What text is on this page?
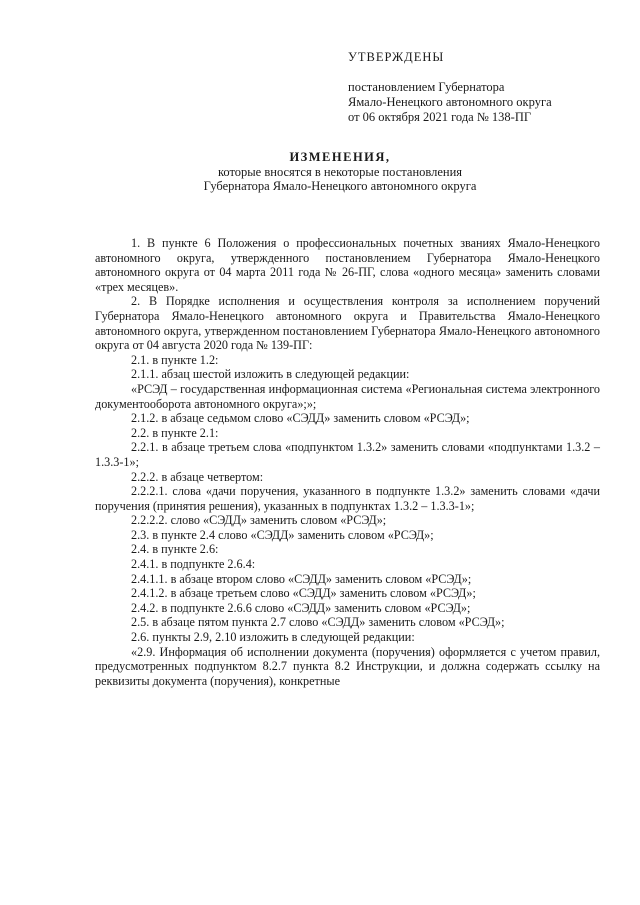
УТВЕРЖДЕНЫ
постановлением Губернатора
Ямало-Ненецкого автономного округа
от 06 октября 2021 года № 138-ПГ
ИЗМЕНЕНИЯ,
которые вносятся в некоторые постановления
Губернатора Ямало-Ненецкого автономного округа

1. В пункте 6 Положения о профессиональных почетных званиях Ямало-Ненецкого автономного округа, утвержденного постановлением Губернатора Ямало-Ненецкого автономного округа от 04 марта 2011 года № 26-ПГ, слова «одного месяца» заменить словами «трех месяцев».

2. В Порядке исполнения и осуществления контроля за исполнением поручений Губернатора Ямало-Ненецкого автономного округа и Правительства Ямало-Ненецкого автономного округа, утвержденном постановлением Губернатора Ямало-Ненецкого автономного округа от 04 августа 2020 года № 139-ПГ:

2.1. в пункте 1.2:

2.1.1. абзац шестой изложить в следующей редакции:

«РСЭД – государственная информационная система «Региональная система электронного документооборота автономного округа»;»;

2.1.2. в абзаце седьмом слово «СЭДД» заменить словом «РСЭД»;

2.2. в пункте 2.1:

2.2.1. в абзаце третьем слова «подпунктом 1.3.2» заменить словами «подпунктами 1.3.2 – 1.3.3-1»;

2.2.2. в абзаце четвертом:

2.2.2.1. слова «дачи поручения, указанного в подпункте 1.3.2» заменить словами «дачи поручения (принятия решения), указанных в подпунктах 1.3.2 – 1.3.3-1»;

2.2.2.2. слово «СЭДД» заменить словом «РСЭД»;

2.3. в пункте 2.4 слово «СЭДД» заменить словом «РСЭД»;

2.4. в пункте 2.6:

2.4.1. в подпункте 2.6.4:

2.4.1.1. в абзаце втором слово «СЭДД» заменить словом «РСЭД»;

2.4.1.2. в абзаце третьем слово «СЭДД» заменить словом «РСЭД»;

2.4.2. в подпункте 2.6.6 слово «СЭДД» заменить словом «РСЭД»;

2.5. в абзаце пятом пункта 2.7 слово «СЭДД» заменить словом «РСЭД»;

2.6. пункты 2.9, 2.10 изложить в следующей редакции:

«2.9. Информация об исполнении документа (поручения) оформляется с учетом правил, предусмотренных подпунктом 8.2.7 пункта 8.2 Инструкции, и должна содержать ссылку на реквизиты документа (поручения), конкретные
